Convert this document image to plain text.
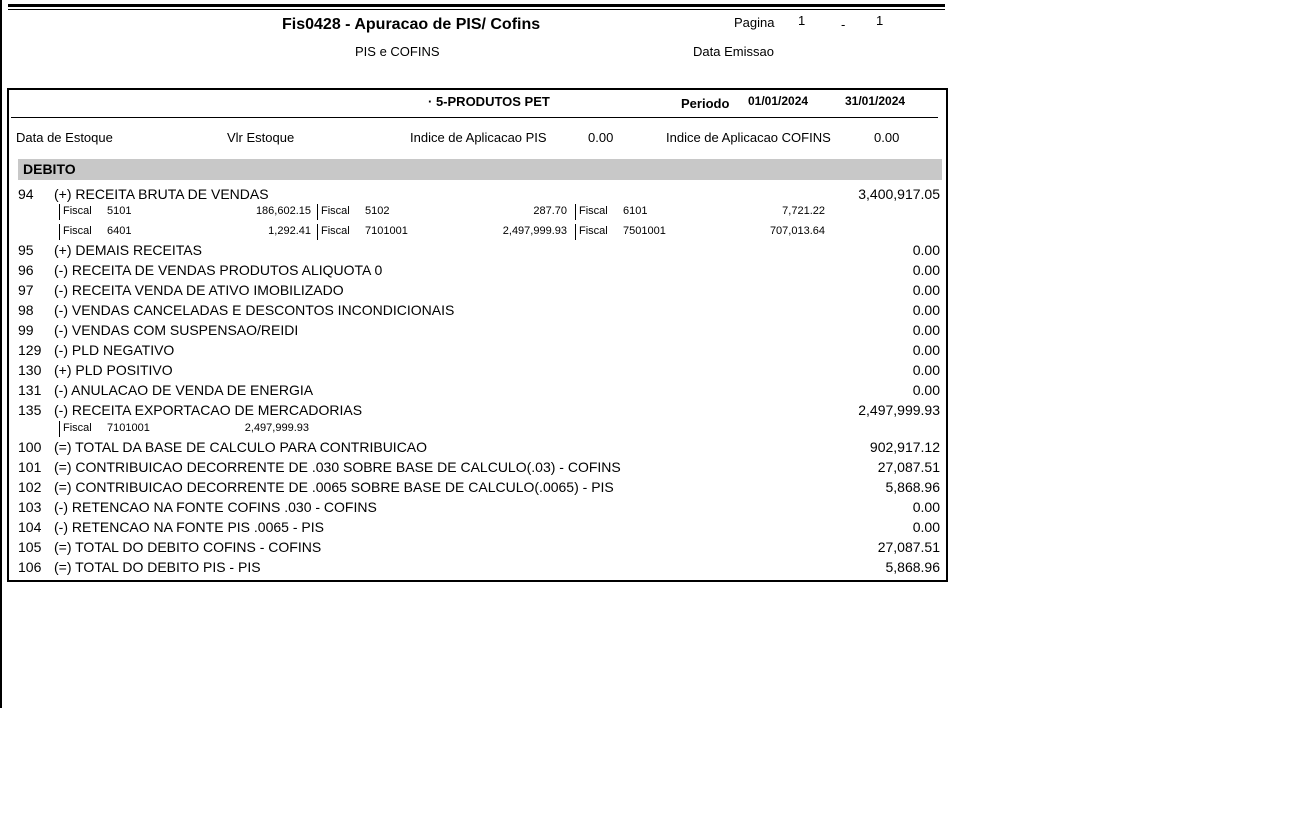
Fis0428 - Apuracao de PIS/ Cofins
PIS e COFINS
Pagina 1	- 1
Data Emissao
· 5-PRODUTOS PET	Periodo 01/01/2024	31/01/2024
Data de Estoque	Vlr Estoque	Indice de Aplicacao PIS	0.00	Indice de Aplicacao COFINS	0.00
DEBITO
94 (+) RECEITA BRUTA DE VENDAS	3,400,917.05
Fiscal 5101	186,602.15 Fiscal 5102	287.70 Fiscal 6101	7,721.22
Fiscal 6401	1,292.41 Fiscal 7101001	2,497,999.93 Fiscal 7501001	707,013.64
95 (+) DEMAIS RECEITAS	0.00
96 (-) RECEITA DE VENDAS PRODUTOS ALIQUOTA 0	0.00
97 (-) RECEITA VENDA DE ATIVO IMOBILIZADO	0.00
98 (-) VENDAS CANCELADAS E DESCONTOS INCONDICIONAIS	0.00
99 (-) VENDAS COM SUSPENSAO/REIDI	0.00
129 (-) PLD NEGATIVO	0.00
130 (+) PLD POSITIVO	0.00
131 (-) ANULACAO DE VENDA DE ENERGIA	0.00
135 (-) RECEITA EXPORTACAO DE MERCADORIAS	2,497,999.93
Fiscal 7101001	2,497,999.93
100 (=) TOTAL DA BASE DE CALCULO PARA CONTRIBUICAO	902,917.12
101 (=) CONTRIBUICAO DECORRENTE DE .030 SOBRE BASE DE CALCULO(.03) - COFINS	27,087.51
102 (=) CONTRIBUICAO DECORRENTE DE .0065 SOBRE BASE DE CALCULO(.0065) - PIS	5,868.96
103 (-) RETENCAO NA FONTE COFINS .030 - COFINS	0.00
104 (-) RETENCAO NA FONTE PIS .0065 - PIS	0.00
105 (=) TOTAL DO DEBITO COFINS - COFINS	27,087.51
106 (=) TOTAL DO DEBITO PIS - PIS	5,868.96
